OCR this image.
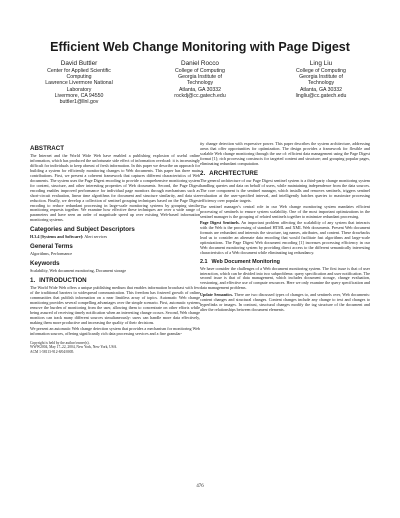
Efficient Web Change Monitoring with Page Digest
David Buttler
Center for Applied Scientific
Computing
Lawrence Livermore National
Laboratory
Livermore, CA 94550
buttler1@llnl.gov
Daniel Rocco
College of Computing
Georgia Institute of
Technology
Atlanta, GA 30332
rockdj@cc.gatech.edu
Ling Liu
College of Computing
Georgia Institute of
Technology
Atlanta, GA 30332
lingliu@cc.gatech.edu
ABSTRACT

The Internet and the World Wide Web have enabled a publishing explosion of useful online information, which has produced the unfortunate side effect of information overload: it is increasingly difficult for individuals to keep abreast of fresh information. In this paper we describe an approach for building a system for efficiently monitoring changes to Web documents. This paper has three main contributions. First, we present a coherent framework that captures different characteristics of Web documents. The system uses the Page Digest encoding to provide a comprehensive monitoring system for content, structure, and other interesting properties of Web documents. Second, the Page Digest encoding enables improved performance for individual page monitors through mechanisms such as short-circuit evaluation, linear time algorithms for document and structure similarity, and data size reduction. Finally, we develop a collection of sentinel grouping techniques based on the Page Digest encoding to reduce redundant processing in large-scale monitoring systems by grouping similar monitoring requests together. We examine how effective these techniques are over a wide range of parameters and have seen an order of magnitude speed up over existing Web-based information monitoring systems.

Categories and Subject Descriptors

H.3.4 [Systems and Software]: Alert services

General Terms

Algorithms, Performance

Keywords

Scalability, Web document monitoring, Document storage

1. INTRODUCTION

The World Wide Web offers a unique publishing medium that enables information broadcast with few of the traditional barriers to widespread communication. This freedom has fostered growth of online communities that publish information on a near limitless array of topics. Automatic Web change monitoring provides several compelling advantages over the simple scenario. First, automatic systems remove the burden of monitoring from the user, allowing them to concentrate on other efforts while being assured of receiving timely notification when an interesting change occurs. Second, Web change monitors can track many different sources simultaneously: users can handle more data effectively, making them more productive and increasing the quality of their decisions.

We present an automatic Web change detection system that provides a mechanism for monitoring Web information sources, offering significantly rich data processing services and a fine granular-

Copyright is held by the author/owner(s).
WWW2004, May 17–22, 2004, New York, New York, USA.
ACM 1-58113-912-8/04/0005.

ity change detection with expressive power. This paper describes the system architecture, addressing areas that offer opportunities for optimization. The design provides a framework for flexible and scalable Web change monitoring through the use of: efficient data management using the Page Digest format [1]; rich processing constructs for targeted content and structure; and grouping popular pages, eliminating redundant computation.

2. ARCHITECTURE

The general architecture of our Page Digest sentinel system is a third-party change monitoring system handling queries and data on behalf of users, while maintaining independence from the data sources. The core component is the sentinel manager, which installs and removes sentinels, triggers sentinel evaluation at the user-specified interval, and intelligently batches queries to maximize processing efficiency over popular targets.

The sentinel manager's central role in our Web change monitoring system mandates efficient processing of sentinels to ensure system scalability. One of the most important optimizations in the sentinel manager is the grouping of related sentinels together to minimize redundant processing.

Page Digest Sentinels. An important problem affecting the scalability of any system that interacts with the Web is the processing of standard HTML and XML Web documents. Present Web document formats are redundant and intermix the structure, tag names, attributes, and content. These drawbacks lead us to consider an alternate data encoding that would facilitate fast algorithms and large-scale optimizations. The Page Digest Web document encoding [1] increases processing efficiency in our Web document monitoring system by providing direct access to the different semantically interesting characteristics of a Web document while eliminating tag redundancy.

2.1 Web Document Monitoring

We have consider the challenges of a Web document monitoring system. The first issue is that of user interaction, which can be divided into two subproblems: query specification and user notification. The second issue is that of data management, which includes document storage, change evaluation, versioning, and effective use of compute resources. Here we only examine the query specification and data management problems.

Update Semantics. There are two discussed types of changes to, and sentinels over, Web documents: content changes and structural changes. Content changes include any change to text and changes to hyperlinks or images. In contrast, structural changes modify the tag structure of the document and alter the relationships between document elements.

476
